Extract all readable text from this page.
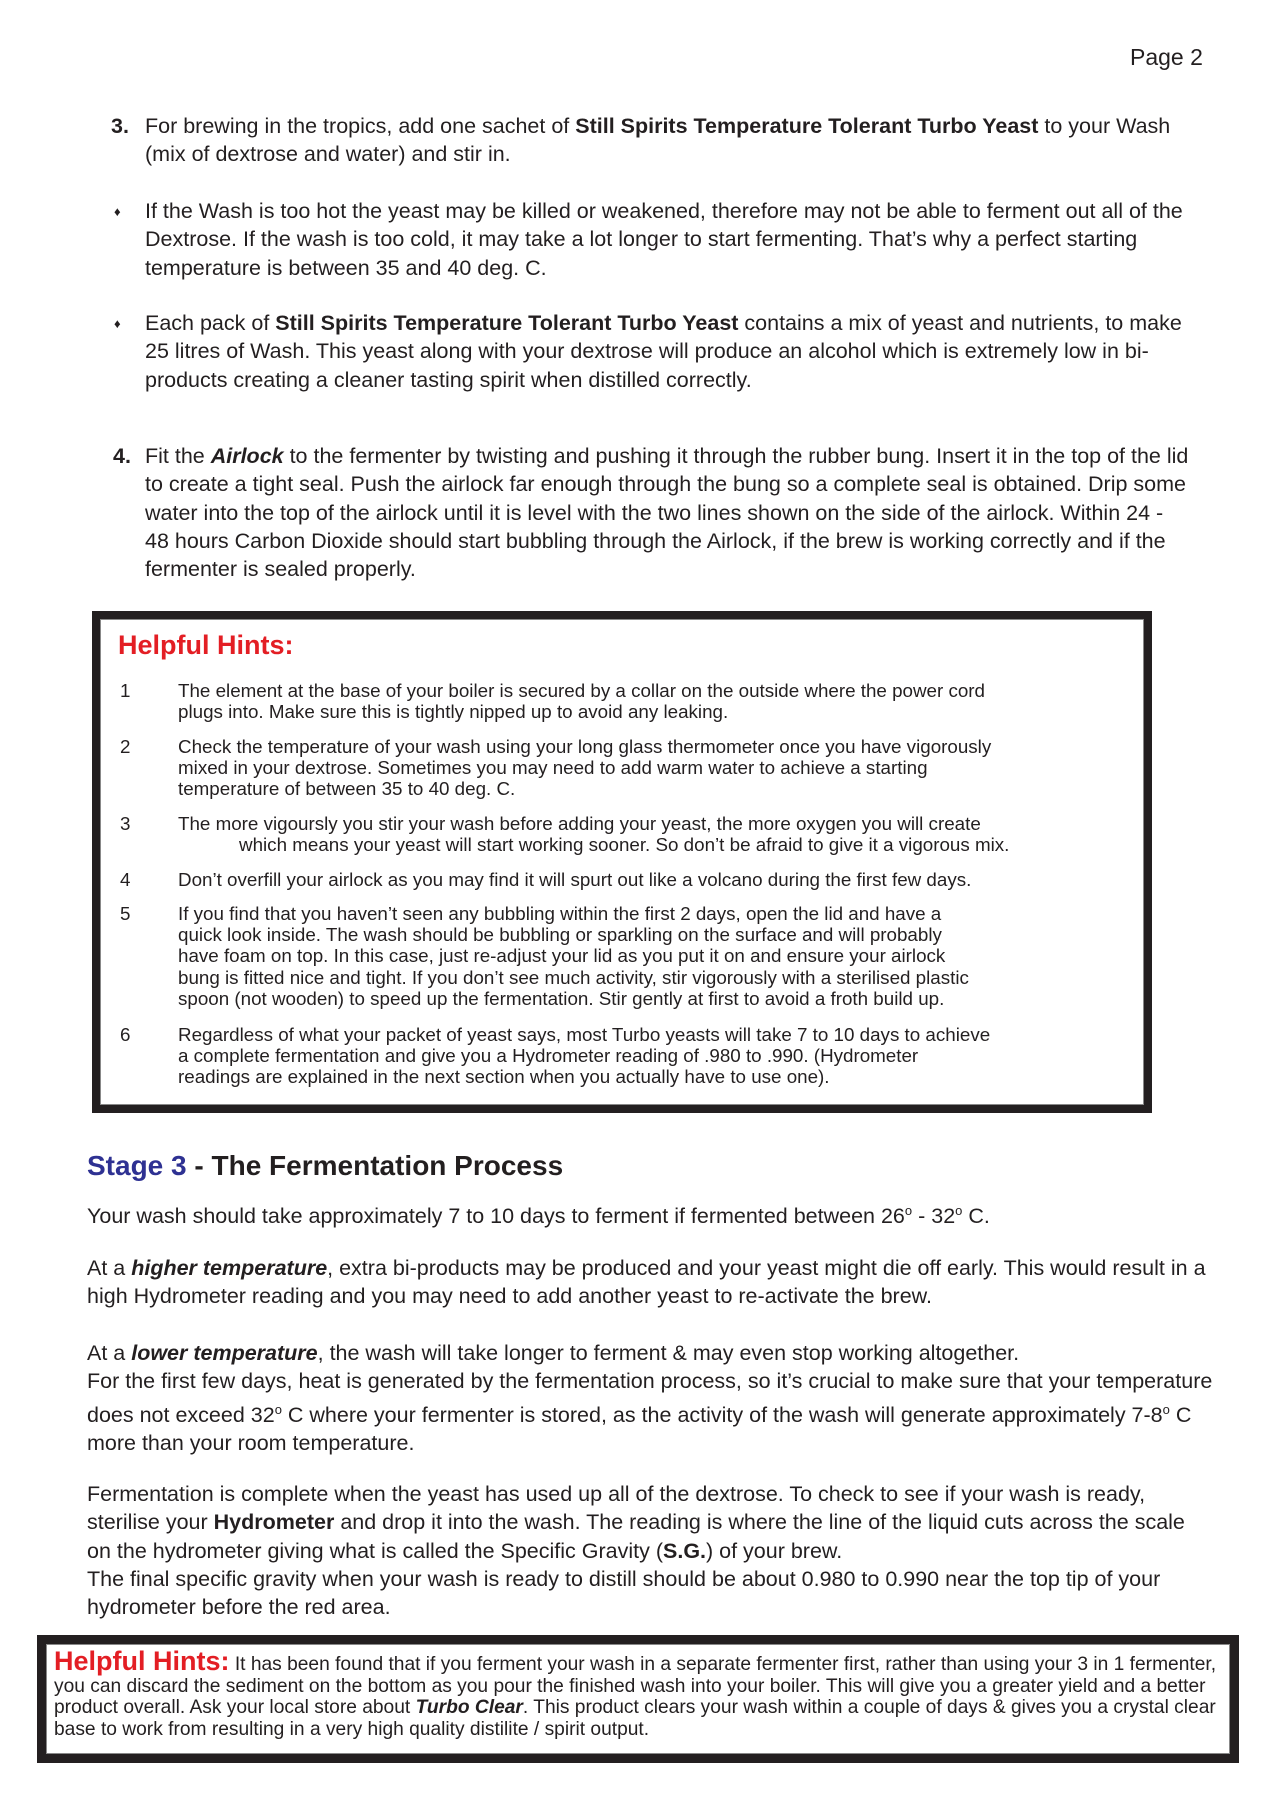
Page 2
3. For brewing in the tropics, add one sachet of Still Spirits Temperature Tolerant Turbo Yeast to your Wash (mix of dextrose and water) and stir in.
♦ If the Wash is too hot the yeast may be killed or weakened, therefore may not be able to ferment out all of the Dextrose. If the wash is too cold, it may take a lot longer to start fermenting. That’s why a perfect starting temperature is between 35 and 40 deg. C.
♦ Each pack of Still Spirits Temperature Tolerant Turbo Yeast contains a mix of yeast and nutrients, to make 25 litres of Wash. This yeast along with your dextrose will produce an alcohol which is extremely low in bi-products creating a cleaner tasting spirit when distilled correctly.
4. Fit the Airlock to the fermenter by twisting and pushing it through the rubber bung. Insert it in the top of the lid to create a tight seal. Push the airlock far enough through the bung so a complete seal is obtained. Drip some water into the top of the airlock until it is level with the two lines shown on the side of the airlock. Within 24 - 48 hours Carbon Dioxide should start bubbling through the Airlock, if the brew is working correctly and if the fermenter is sealed properly.
Helpful Hints:
1	The element at the base of your boiler is secured by a collar on the outside where the power cord
plugs into. Make sure this is tightly nipped up to avoid any leaking.
2	Check the temperature of your wash using your long glass thermometer once you have vigorously
mixed in your dextrose. Sometimes you may need to add warm water to achieve a starting
temperature of between 35 to 40 deg. C.
3	The more vigoursly you stir your wash before adding your yeast, the more oxygen you will create
which means your yeast will start working sooner. So don’t be afraid to give it a vigorous mix.
4	Don’t overfill your airlock as you may find it will spurt out like a volcano during the first few days.
5	If you find that you haven’t seen any bubbling within the first 2 days, open the lid and have a
quick look inside. The wash should be bubbling or sparkling on the surface and will probably
have foam on top. In this case, just re-adjust your lid as you put it on and ensure your airlock
bung is fitted nice and tight. If you don’t see much activity, stir vigorously with a sterilised plastic
spoon (not wooden) to speed up the fermentation. Stir gently at first to avoid a froth build up.
6	Regardless of what your packet of yeast says, most Turbo yeasts will take 7 to 10 days to achieve
a complete fermentation and give you a Hydrometer reading of .980 to .990. (Hydrometer
readings are explained in the next section when you actually have to use one).
Stage 3 - The Fermentation Process
Your wash should take approximately 7 to 10 days to ferment if fermented between 26$^o$ - 32$^o$ C.
At a higher temperature, extra bi-products may be produced and your yeast might die off early. This would result in a high Hydrometer reading and you may need to add another yeast to re-activate the brew.
At a lower temperature, the wash will take longer to ferment & may even stop working altogether.
For the first few days, heat is generated by the fermentation process, so it’s crucial to make sure that your temperature does not exceed 32$^o$ C where your fermenter is stored, as the activity of the wash will generate approximately 7-8$^o$ C more than your room temperature.
Fermentation is complete when the yeast has used up all of the dextrose. To check to see if your wash is ready, sterilise your Hydrometer and drop it into the wash. The reading is where the line of the liquid cuts across the scale on the hydrometer giving what is called the Specific Gravity (S.G.) of your brew.
The final specific gravity when your wash is ready to distill should be about 0.980 to 0.990 near the top tip of your hydrometer before the red area.
Helpful Hints: It has been found that if you ferment your wash in a separate fermenter first, rather than using your 3 in 1 fermenter, you can discard the sediment on the bottom as you pour the finished wash into your boiler. This will give you a greater yield and a better product overall. Ask your local store about Turbo Clear. This product clears your wash within a couple of days & gives you a crystal clear base to work from resulting in a very high quality distilite / spirit output.
